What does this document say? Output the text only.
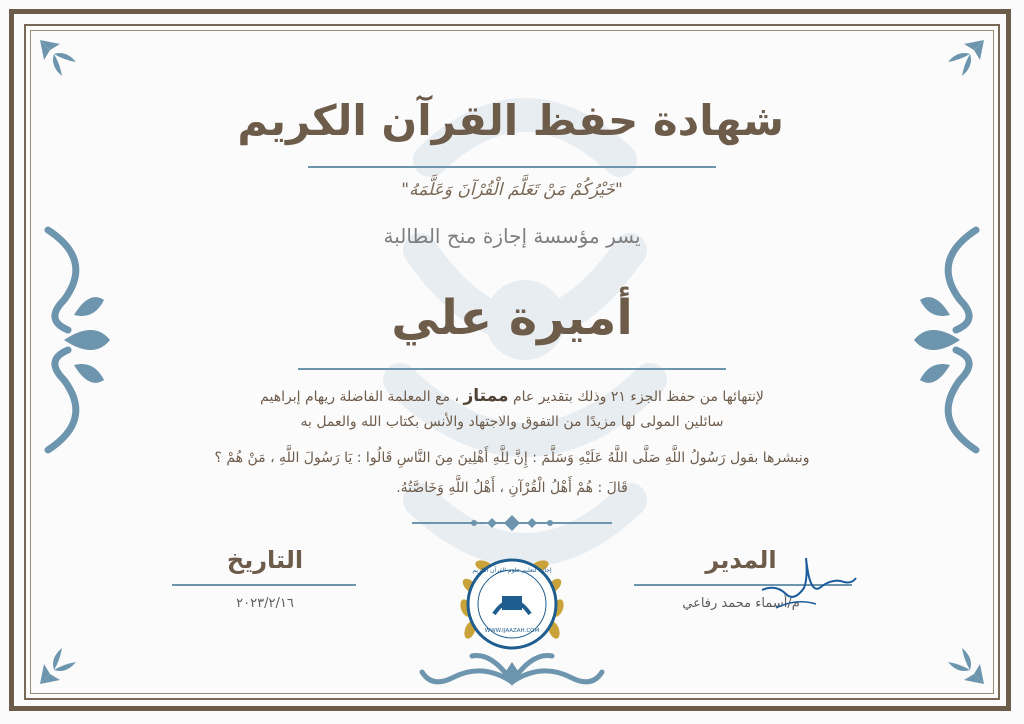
شهادة حفظ القرآن الكريم
"خَيْرُكُمْ مَنْ تَعَلَّمَ الْقُرْآنَ وَعَلَّمَهُ"
يسر مؤسسة إجازة منح الطالبة
أميرة علي
لإنتهائها من حفظ الجزء ٢١ وذلك بتقدير عام ممتاز ، مع المعلمة الفاضلة ريهام إبراهيم
سائلين المولى لها مزيدًا من التفوق والاجتهاد والأنس بكتاب الله والعمل به
ونبشرها بقول رَسُولُ اللَّهِ صَلَّى اللَّهُ عَلَيْهِ وَسَلَّمَ : إِنَّ لِلَّهِ أَهْلِينَ مِنَ النَّاسِ قَالُوا : يَا رَسُولَ اللَّهِ ، مَنْ هُمْ ؟
قَالَ : هُمْ أَهْلُ الْقُرْآنِ ، أَهْلُ اللَّهِ وَخَاصَّتُهُ.
التاريخ
٢٠٢٣/٢/١٦
المدير
م/أسماء محمد رفاعي
WWW.IJAAZAH.COM
إجازة لتعليم علوم القرآن الكريم
